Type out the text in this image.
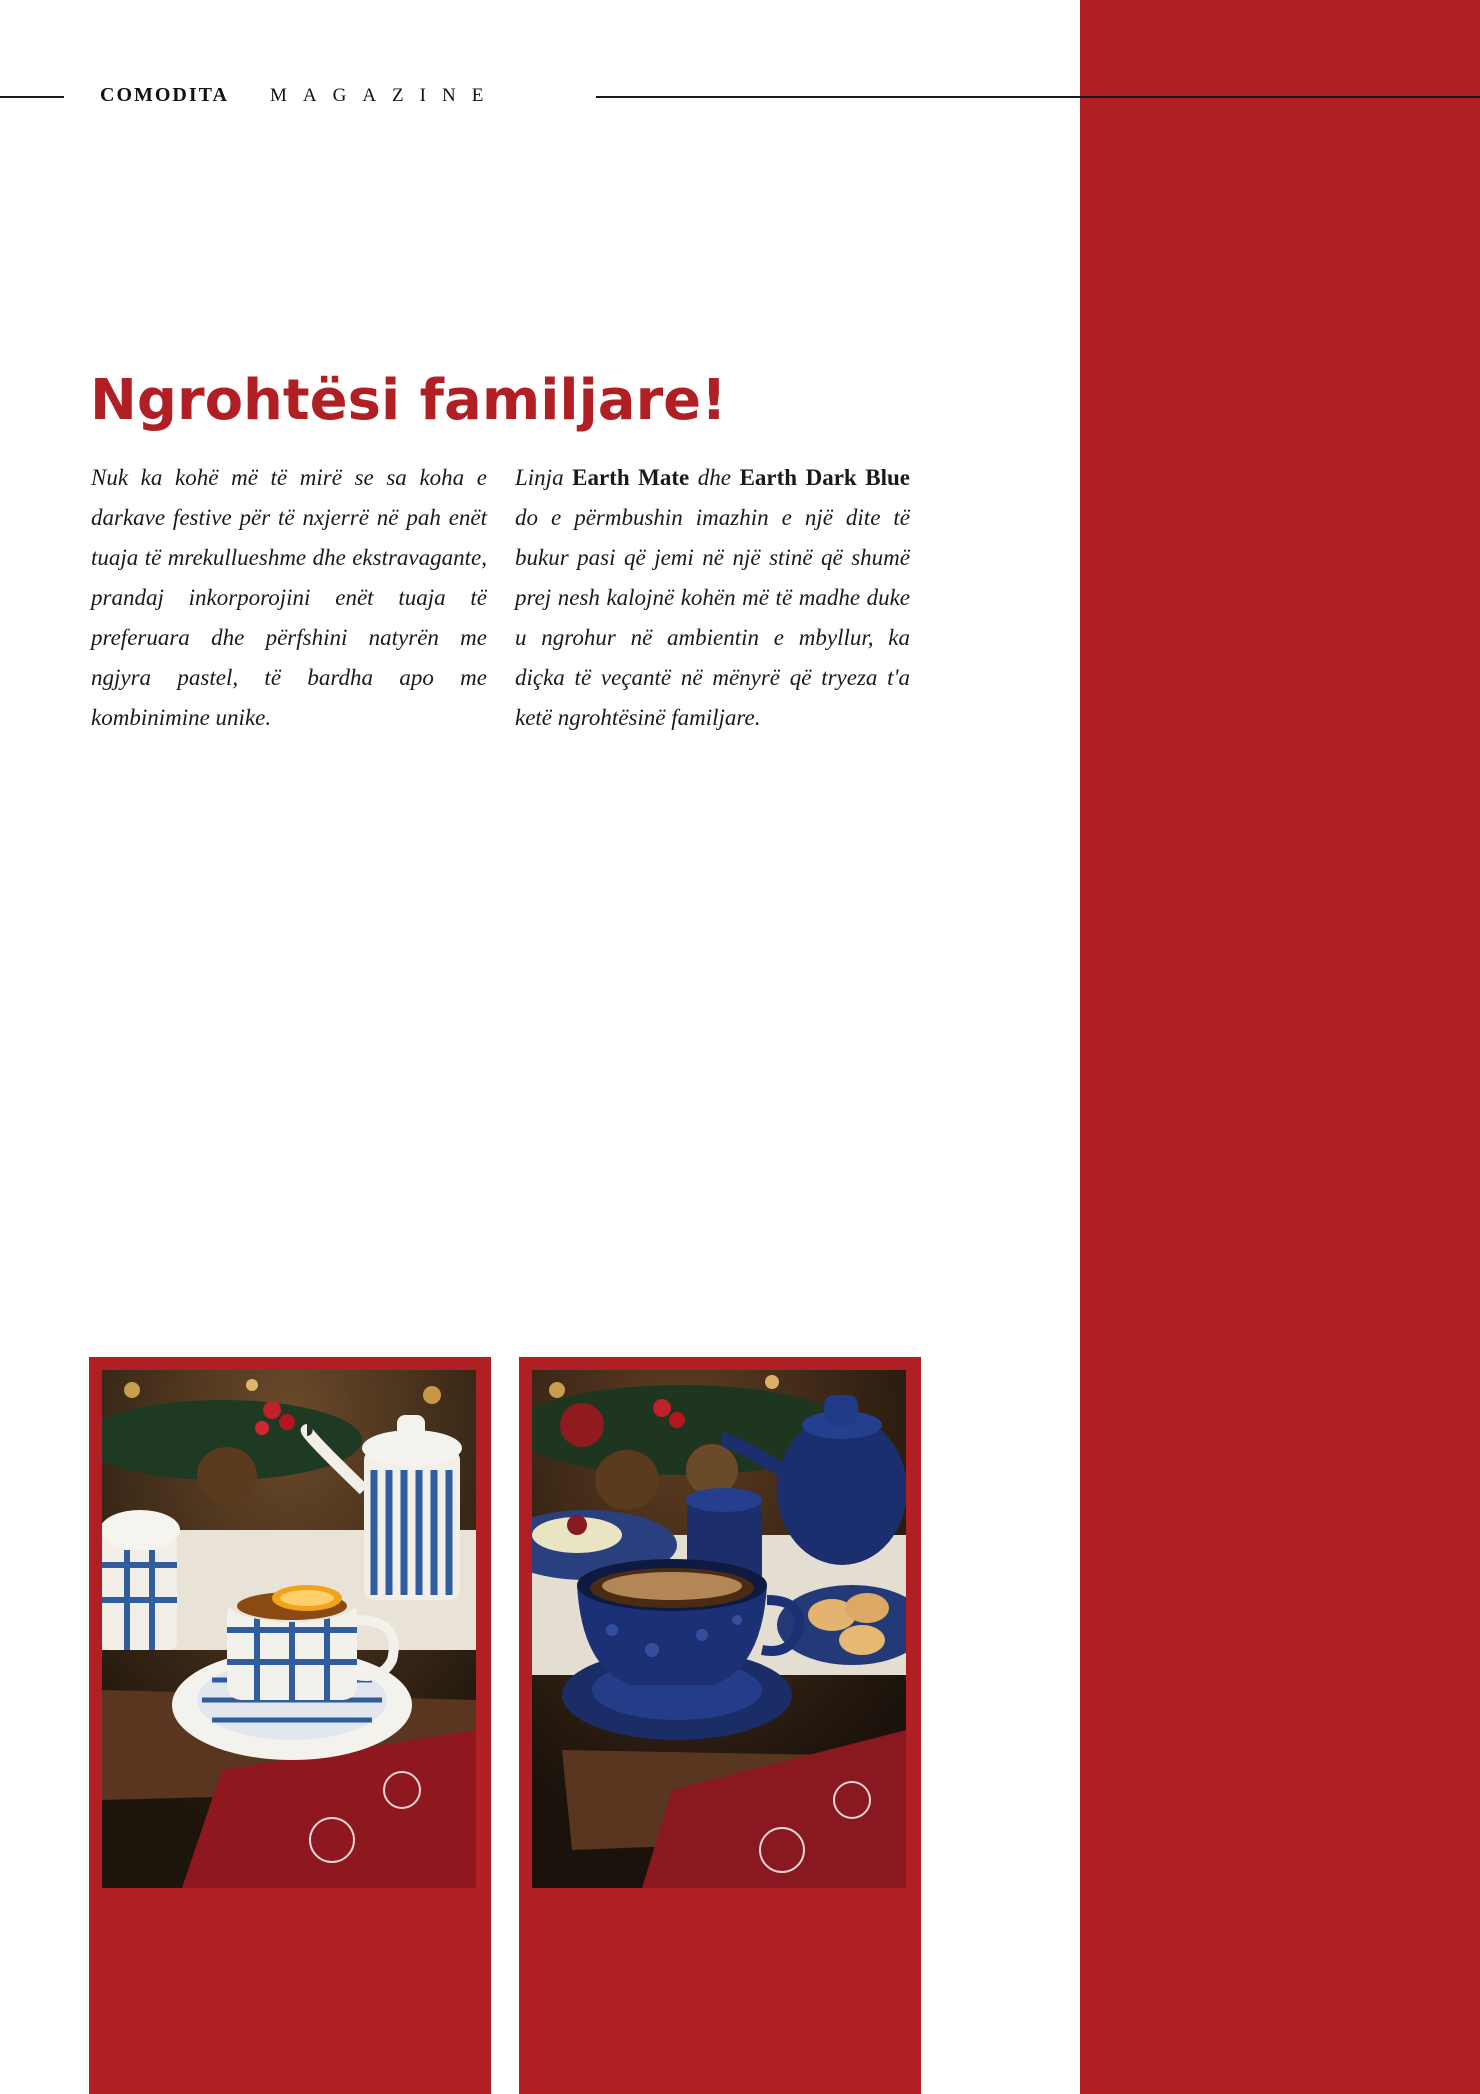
COMODITA MAGAZINE
Ngrohtësi familjare!
Nuk ka kohë më të mirë se sa koha e darkave festive për të nxjerrë në pah enët tuaja të mrekullueshme dhe ekstravagante, prandaj inkorporojini enët tuaja të preferuara dhe përfshini natyrën me ngjyra pastel, të bardha apo me kombinimine unike.
Linja Earth Mate dhe Earth Dark Blue do e përmbushin imazhin e një dite të bukur pasi që jemi në një stinë që shumë prej nesh kalojnë kohën më të madhe duke u ngrohur në ambientin e mbyllur, ka diçka të veçantë në mënyrë që tryeza t'a ketë ngrohtësinë familjare.
